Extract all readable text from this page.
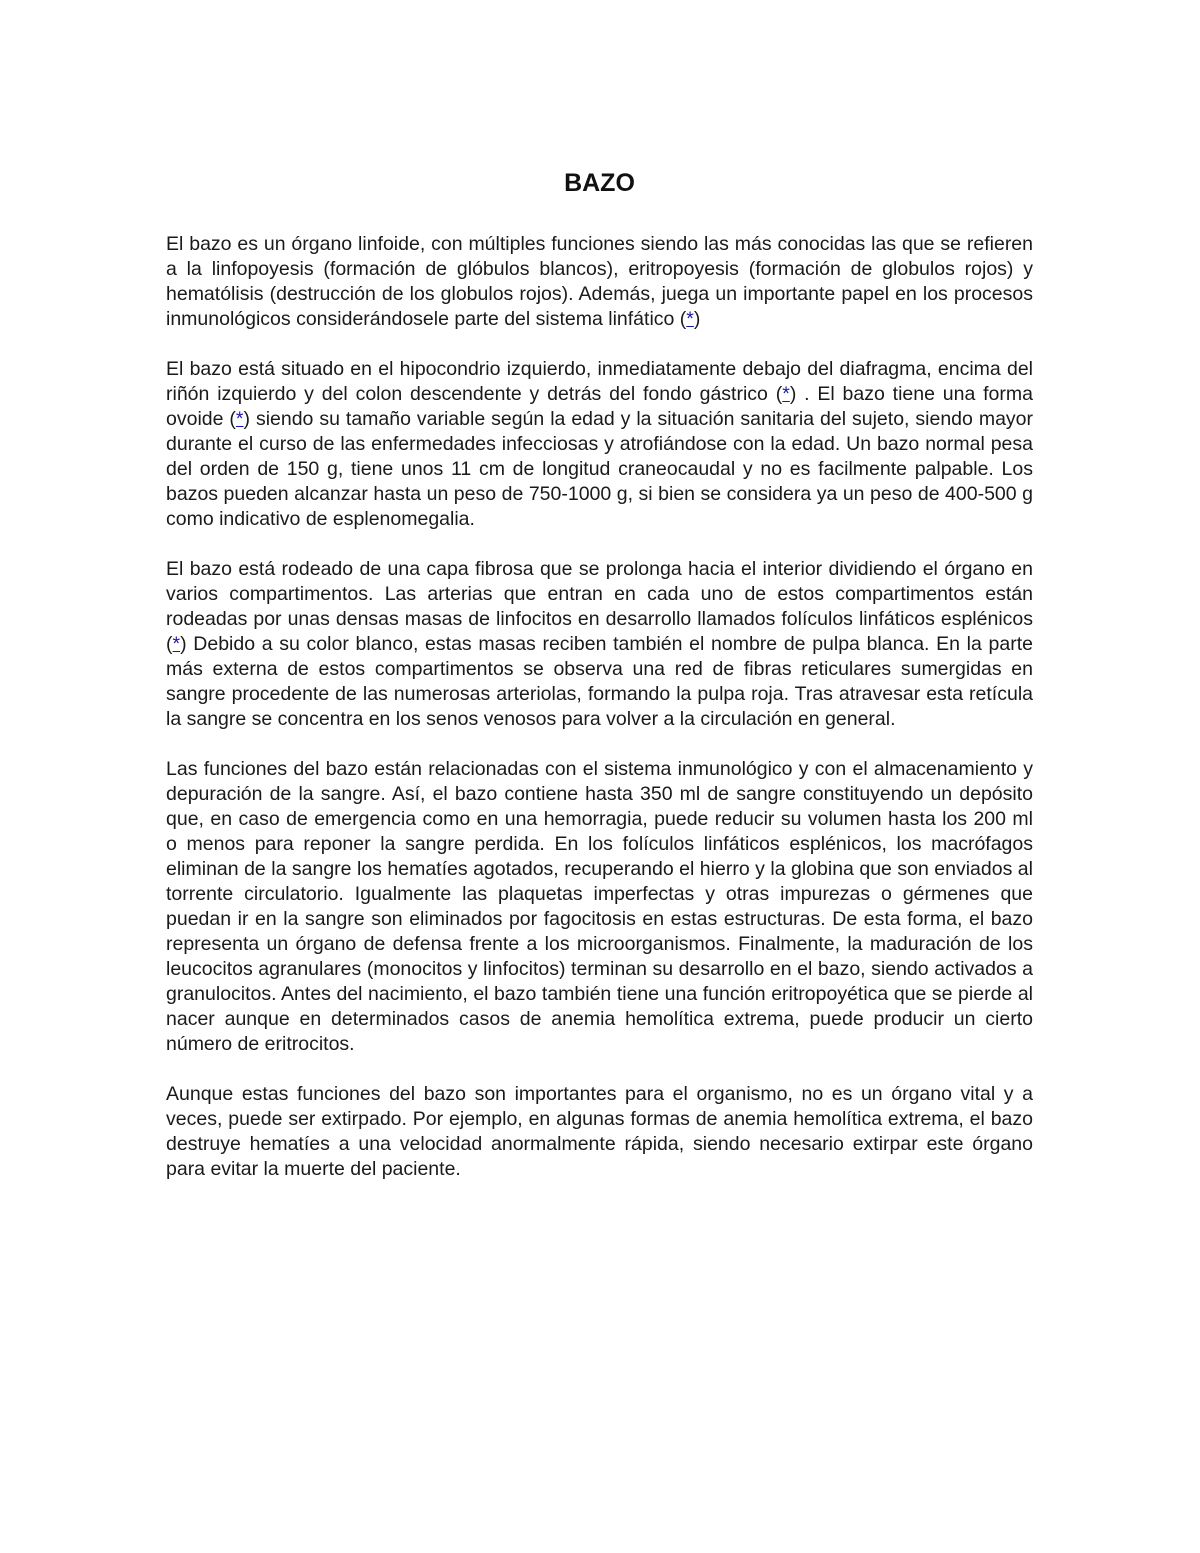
BAZO

El bazo es un órgano linfoide, con múltiples funciones siendo las más conocidas las que se refieren a la linfopoyesis (formación de glóbulos blancos), eritropoyesis (formación de globulos rojos) y hematólisis (destrucción de los globulos rojos). Además, juega un importante papel en los procesos inmunológicos considerándosele parte del sistema linfático (*)

El bazo está situado en el hipocondrio izquierdo, inmediatamente debajo del diafragma, encima del riñón izquierdo y del colon descendente y detrás del fondo gástrico (*) . El bazo tiene una forma ovoide (*) siendo su tamaño variable según la edad y la situación sanitaria del sujeto, siendo mayor durante el curso de las enfermedades infecciosas y atrofiándose con la edad. Un bazo normal pesa del orden de 150 g, tiene unos 11 cm de longitud craneocaudal y no es facilmente palpable. Los bazos pueden alcanzar hasta un peso de 750-1000 g, si bien se considera ya un peso de 400-500 g como indicativo de esplenomegalia.

El bazo está rodeado de una capa fibrosa que se prolonga hacia el interior dividiendo el órgano en varios compartimentos. Las arterias que entran en cada uno de estos compartimentos están rodeadas por unas densas masas de linfocitos en desarrollo llamados folículos linfáticos esplénicos (*) Debido a su color blanco, estas masas reciben también el nombre de pulpa blanca. En la parte más externa de estos compartimentos se observa una red de fibras reticulares sumergidas en sangre procedente de las numerosas arteriolas, formando la pulpa roja. Tras atravesar esta retícula la sangre se concentra en los senos venosos para volver a la circulación en general.

Las funciones del bazo están relacionadas con el sistema inmunológico y con el almacenamiento y depuración de la sangre. Así, el bazo contiene hasta 350 ml de sangre constituyendo un depósito que, en caso de emergencia como en una hemorragia, puede reducir su volumen hasta los 200 ml o menos para reponer la sangre perdida. En los folículos linfáticos esplénicos, los macrófagos eliminan de la sangre los hematíes agotados, recuperando el hierro y la globina que son enviados al torrente circulatorio. Igualmente las plaquetas imperfectas y otras impurezas o gérmenes que puedan ir en la sangre son eliminados por fagocitosis en estas estructuras. De esta forma, el bazo representa un órgano de defensa frente a los microorganismos. Finalmente, la maduración de los leucocitos agranulares (monocitos y linfocitos) terminan su desarrollo en el bazo, siendo activados a granulocitos. Antes del nacimiento, el bazo también tiene una función eritropoyética que se pierde al nacer aunque en determinados casos de anemia hemolítica extrema, puede producir un cierto número de eritrocitos.

Aunque estas funciones del bazo son importantes para el organismo, no es un órgano vital y a veces, puede ser extirpado. Por ejemplo, en algunas formas de anemia hemolítica extrema, el bazo destruye hematíes a una velocidad anormalmente rápida, siendo necesario extirpar este órgano para evitar la muerte del paciente.
